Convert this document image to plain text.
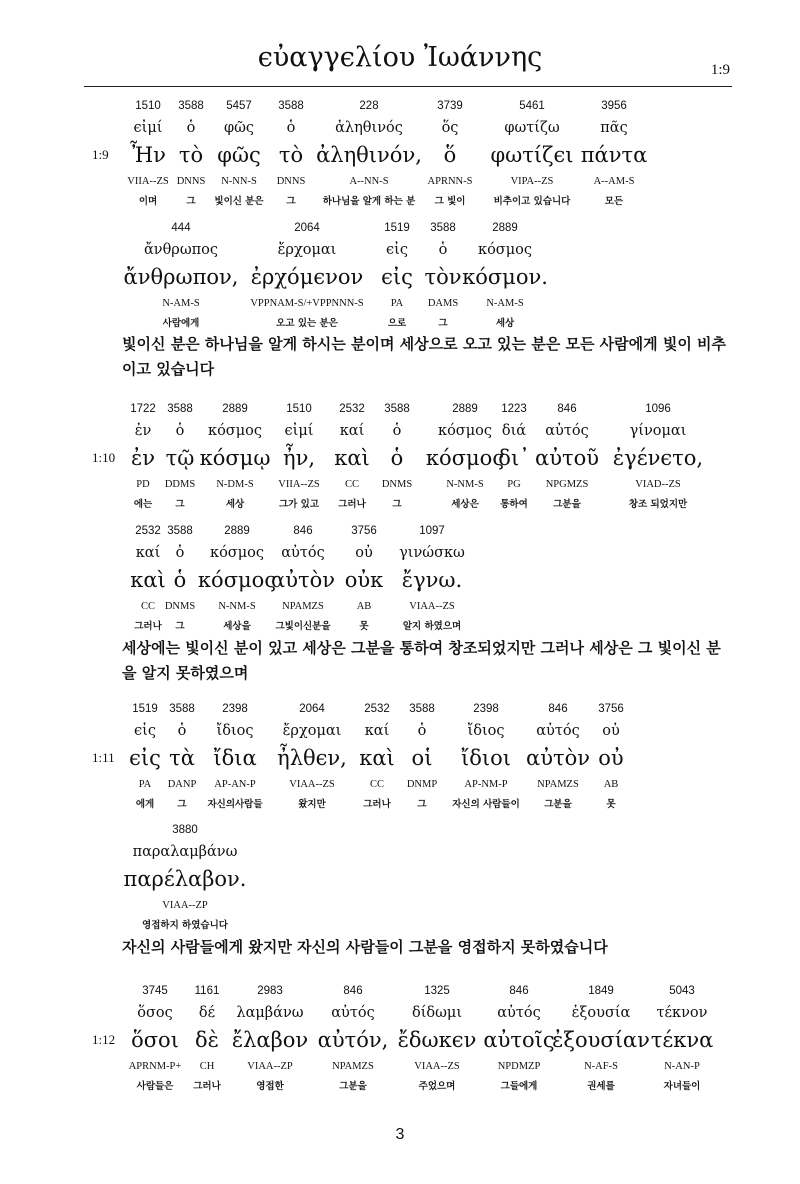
ϵὐαγγϵλίου Ἰωάννης	1:9
1:9
1510
ϵἰμί
Ἦν
VIIA--ZS
이며
3588
ὁ
τὸ
DNNS
그
5457
φῶς
φῶς
N-NN-S
빛이신 분은
3588
ὁ
τὸ
DNNS
그
228
ἀληθινός
ἀληθινόν,
A--NN-S
하나님을 알게 하는 분
3739
ὅς
ὅ
APRNN-S
그 빛이
5461
φωτίζω
φωτίζϵι
VIPA--ZS
비추이고 있습니다
3956
πᾶς
πάντα
A--AM-S
모든
444
ἄνθρωπος
ἄνθρωπον,
N-AM-S
사람에게
2064
ἔρχομαι
ἐρχόμϵνον
VPPNAM-S/+VPPNNN-S
오고 있는 분은
1519
ϵἰς
ϵἰς
PA
으로
3588
ὁ
τὸν
DAMS
그
2889
κόσμος
κόσμον.
N-AM-S
세상
1:10
1722
ἐν
ἐν
PD
에는
3588
ὁ
τῷ
DDMS
그
2889
κόσμος
κόσμῳ
N-DM-S
세상
1510
ϵἰμί
ἦν,
VIIA--ZS
그가 있고
2532
καί
καὶ
CC
그러나
3588
ὁ
ὁ
DNMS
그
2889
κόσμος
κόσμος
N-NM-S
세상은
1223
διά
δι᾽
PG
통하여
846
αὐτός
αὐτοῦ
NPGMZS
그분을
1096
γίνομαι
ἐγένϵτο,
VIAD--ZS
창조 되었지만
2532
καί
καὶ
CC
그러나
3588
ὁ
ὁ
DNMS
그
2889
κόσμος
κόσμος
N-NM-S
세상을
846
αὐτός
αὐτὸν
NPAMZS
그빛이신분을
3756
οὐ
οὐκ
AB
못
1097
γινώσκω
ἔγνω.
VIAA--ZS
알지 하였으며
1:11
1519
ϵἰς
ϵἰς
PA
에게
3588
ὁ
τὰ
DANP
그
2398
ἴδιος
ἴδια
AP-AN-P
자신의사람들
2064
ἔρχομαι
ἦλθϵν,
VIAA--ZS
왔지만
2532
καί
καὶ
CC
그러나
3588
ὁ
οἱ
DNMP
그
2398
ἴδιος
ἴδιοι
AP-NM-P
자신의 사람들이
846
αὐτός
αὐτὸν
NPAMZS
그분을
3756
οὐ
οὐ
AB
못
3880
παραλαμβάνω
παρέλαβον.
VIAA--ZP
영접하지 하였습니다
1:12
3745
ὅσος
ὅσοι
APRNM-P+
사람들은
1161
δέ
δὲ
CH
그러나
2983
λαμβάνω
ἔλαβον
VIAA--ZP
영접한
846
αὐτός
αὐτόν,
NPAMZS
그분을
1325
δίδωμι
ἔδωκϵν
VIAA--ZS
주었으며
846
αὐτός
αὐτοῖς
NPDMZP
그들에게
1849
ἐξουσία
ἐξουσίαν
N-AF-S
권세를
5043
τέκνον
τέκνα
N-AN-P
자녀들이
빛이신 분은 하나님을 알게 하시는 분이며 세상으로 오고 있는 분은 모든 사람에게 빛이 비추이고 있습니다
세상에는 빛이신 분이 있고 세상은 그분을 통하여 창조되었지만 그러나 세상은 그 빛이신 분을 알지 못하였으며
자신의 사람들에게 왔지만 자신의 사람들이 그분을 영접하지 못하였습니다
3
